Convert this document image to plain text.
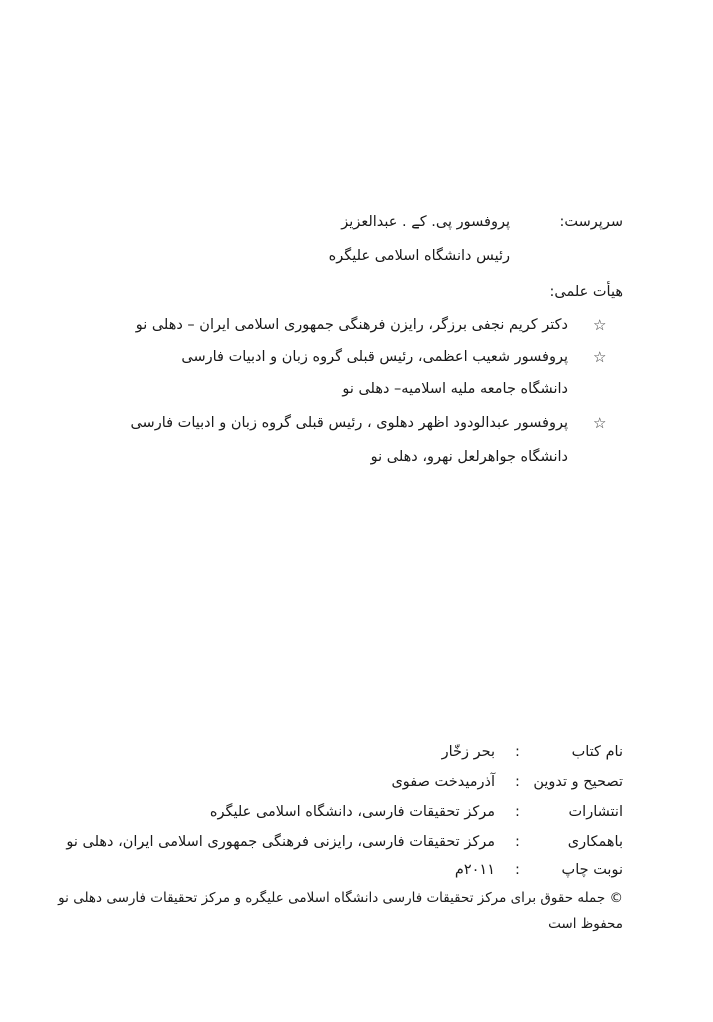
سرپرست:
پروفسور پی. کے . عبدالعزیز
رئیس دانشگاه اسلامی علیگره
هیأت علمی:
☆
دکتر کریم نجفی برزگر، رایزن فرهنگی جمهوری اسلامی ایران – دهلی نو
☆
پروفسور شعیب اعظمی، رئیس قبلی گروه زبان و ادبیات فارسی
دانشگاه جامعه ملیه اسلامیه– دهلی نو
☆
پروفسور عبدالودود اظهر دهلوی ، رئیس قبلی گروه زبان و ادبیات فارسی
دانشگاه جواهرلعل نهرو، دهلی نو
نام کتاب
:
بحر زخّار
تصحیح و تدوین
:
آذرمیدخت صفوی
انتشارات
:
مرکز تحقیقات فارسی، دانشگاه اسلامی علیگره
باهمکاری
:
مرکز تحقیقات فارسی، رایزنی فرهنگی جمهوری اسلامی ایران، دهلی نو
نوبت چاپ
:
۲۰۱۱م
© جمله حقوق برای مرکز تحقیقات فارسی دانشگاه اسلامی علیگره و مرکز تحقیقات فارسی دهلی نو
محفوظ است
